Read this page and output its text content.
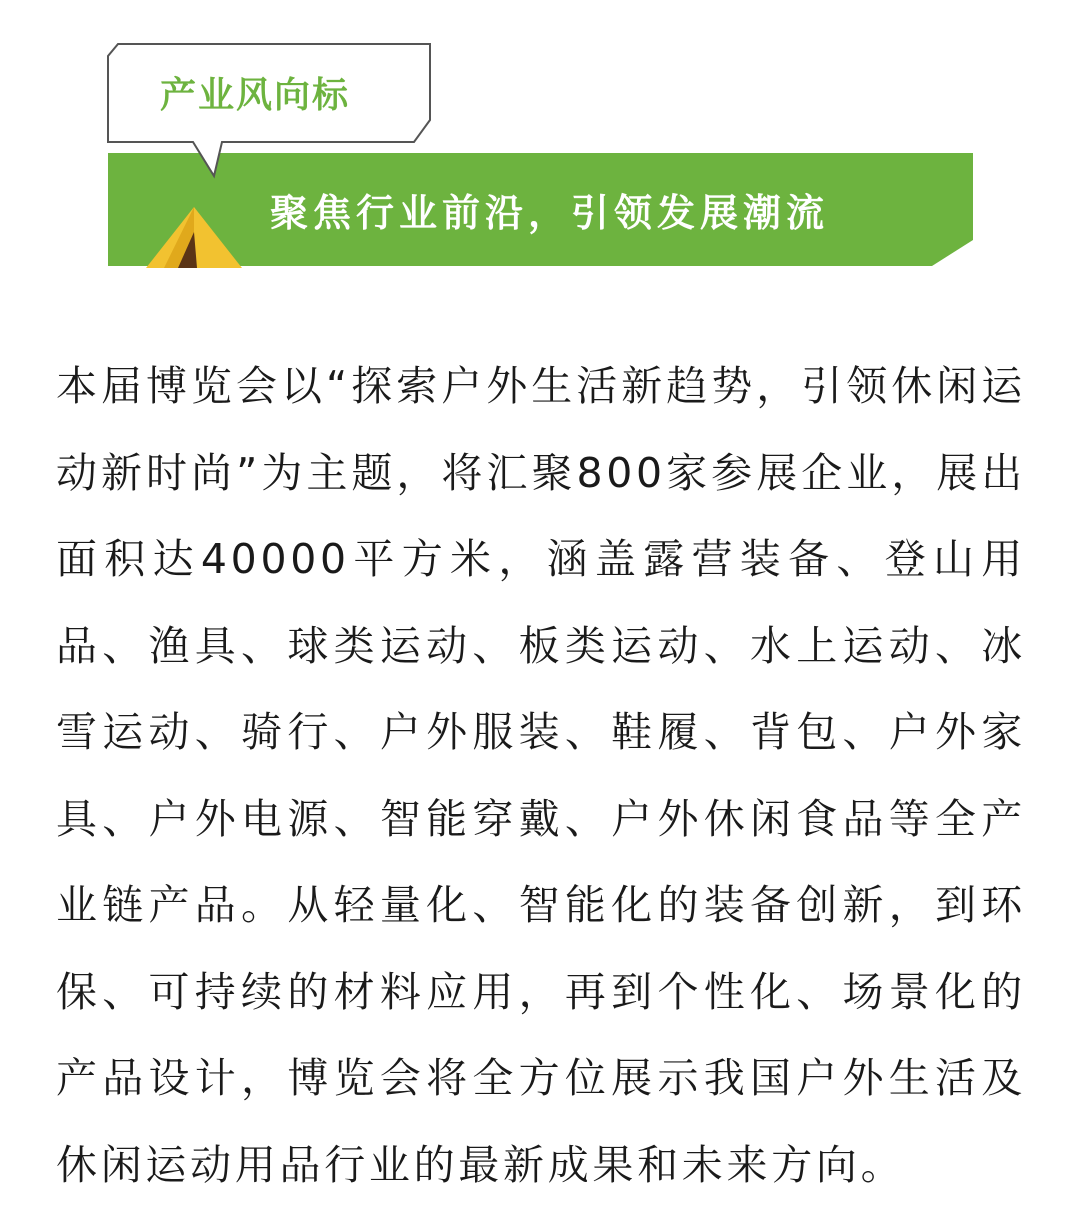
产业风向标
聚焦行业前沿，引领发展潮流

本届博览会以“探索户外生活新趋势，引领休闲运动新时尚”为主题，将汇聚800家参展企业，展出面积达40000平方米，涵盖露营装备、登山用品、渔具、球类运动、板类运动、水上运动、冰雪运动、骑行、户外服装、鞋履、背包、户外家具、户外电源、智能穿戴、户外休闲食品等全产业链产品。从轻量化、智能化的装备创新，到环保、可持续的材料应用，再到个性化、场景化的产品设计，博览会将全方位展示我国户外生活及休闲运动用品行业的最新成果和未来方向。
